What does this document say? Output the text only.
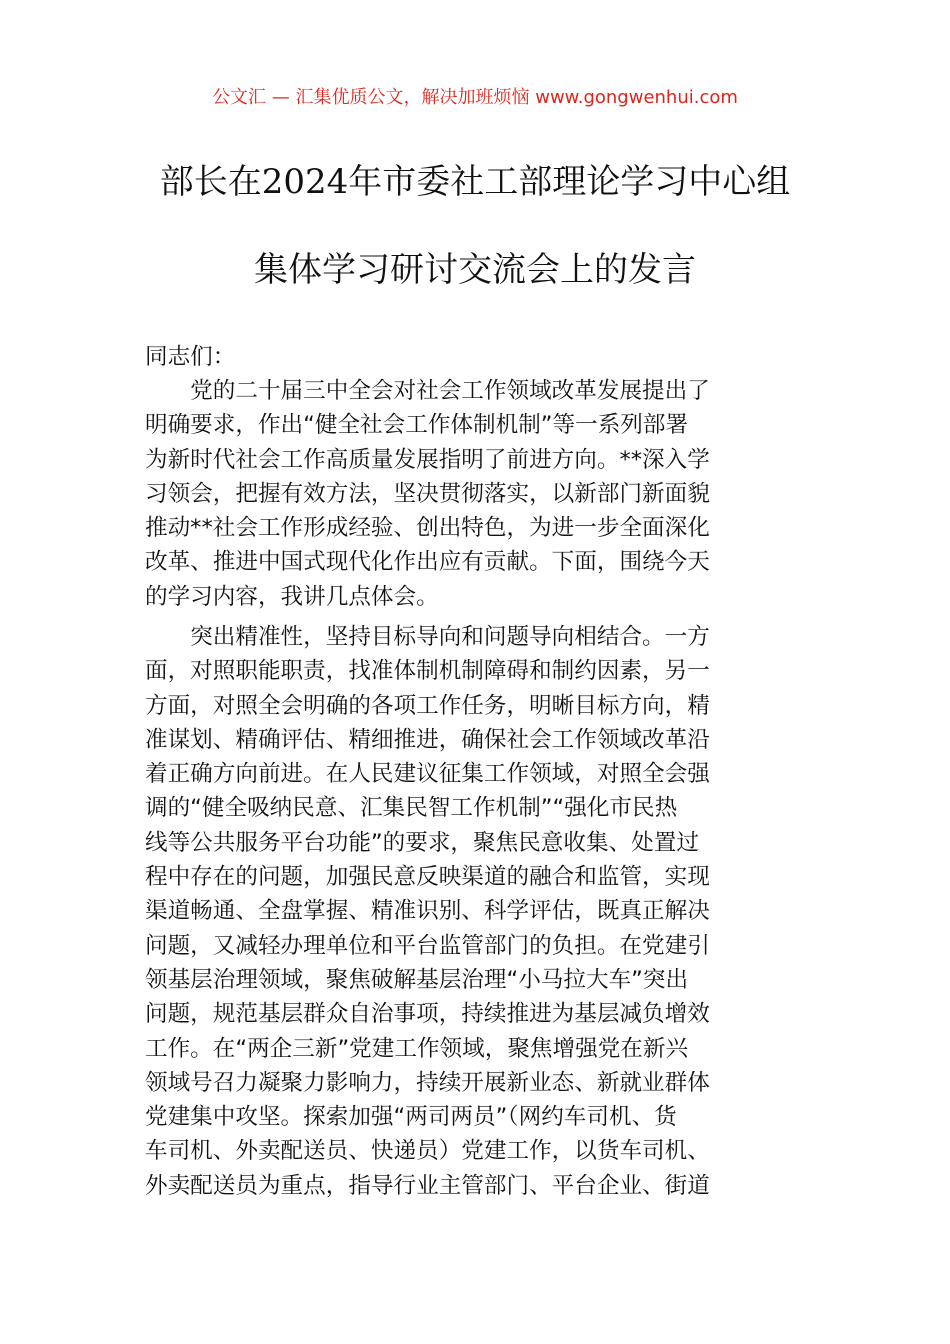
公文汇 — 汇集优质公文，解决加班烦恼 www.gongwenhui.com
部长在2024年市委社工部理论学习中心组
集体学习研讨交流会上的发言
同志们：
　　党的二十届三中全会对社会工作领域改革发展提出了
明确要求，作出“健全社会工作体制机制”等一系列部署
为新时代社会工作高质量发展指明了前进方向。**深入学
习领会，把握有效方法，坚决贯彻落实，以新部门新面貌
推动**社会工作形成经验、创出特色，为进一步全面深化
改革、推进中国式现代化作出应有贡献。下面，围绕今天
的学习内容，我讲几点体会。
　　突出精准性，坚持目标导向和问题导向相结合。一方
面，对照职能职责，找准体制机制障碍和制约因素，另一
方面，对照全会明确的各项工作任务，明晰目标方向，精
准谋划、精确评估、精细推进，确保社会工作领域改革沿
着正确方向前进。在人民建议征集工作领域，对照全会强
调的“健全吸纳民意、汇集民智工作机制”“强化市民热
线等公共服务平台功能”的要求，聚焦民意收集、处置过
程中存在的问题，加强民意反映渠道的融合和监管，实现
渠道畅通、全盘掌握、精准识别、科学评估，既真正解决
问题，又减轻办理单位和平台监管部门的负担。在党建引
领基层治理领域，聚焦破解基层治理“小马拉大车”突出
问题，规范基层群众自治事项，持续推进为基层减负增效
工作。在“两企三新”党建工作领域，聚焦增强党在新兴
领域号召力凝聚力影响力，持续开展新业态、新就业群体
党建集中攻坚。探索加强“两司两员”（网约车司机、货
车司机、外卖配送员、快递员）党建工作，以货车司机、
外卖配送员为重点，指导行业主管部门、平台企业、街道
